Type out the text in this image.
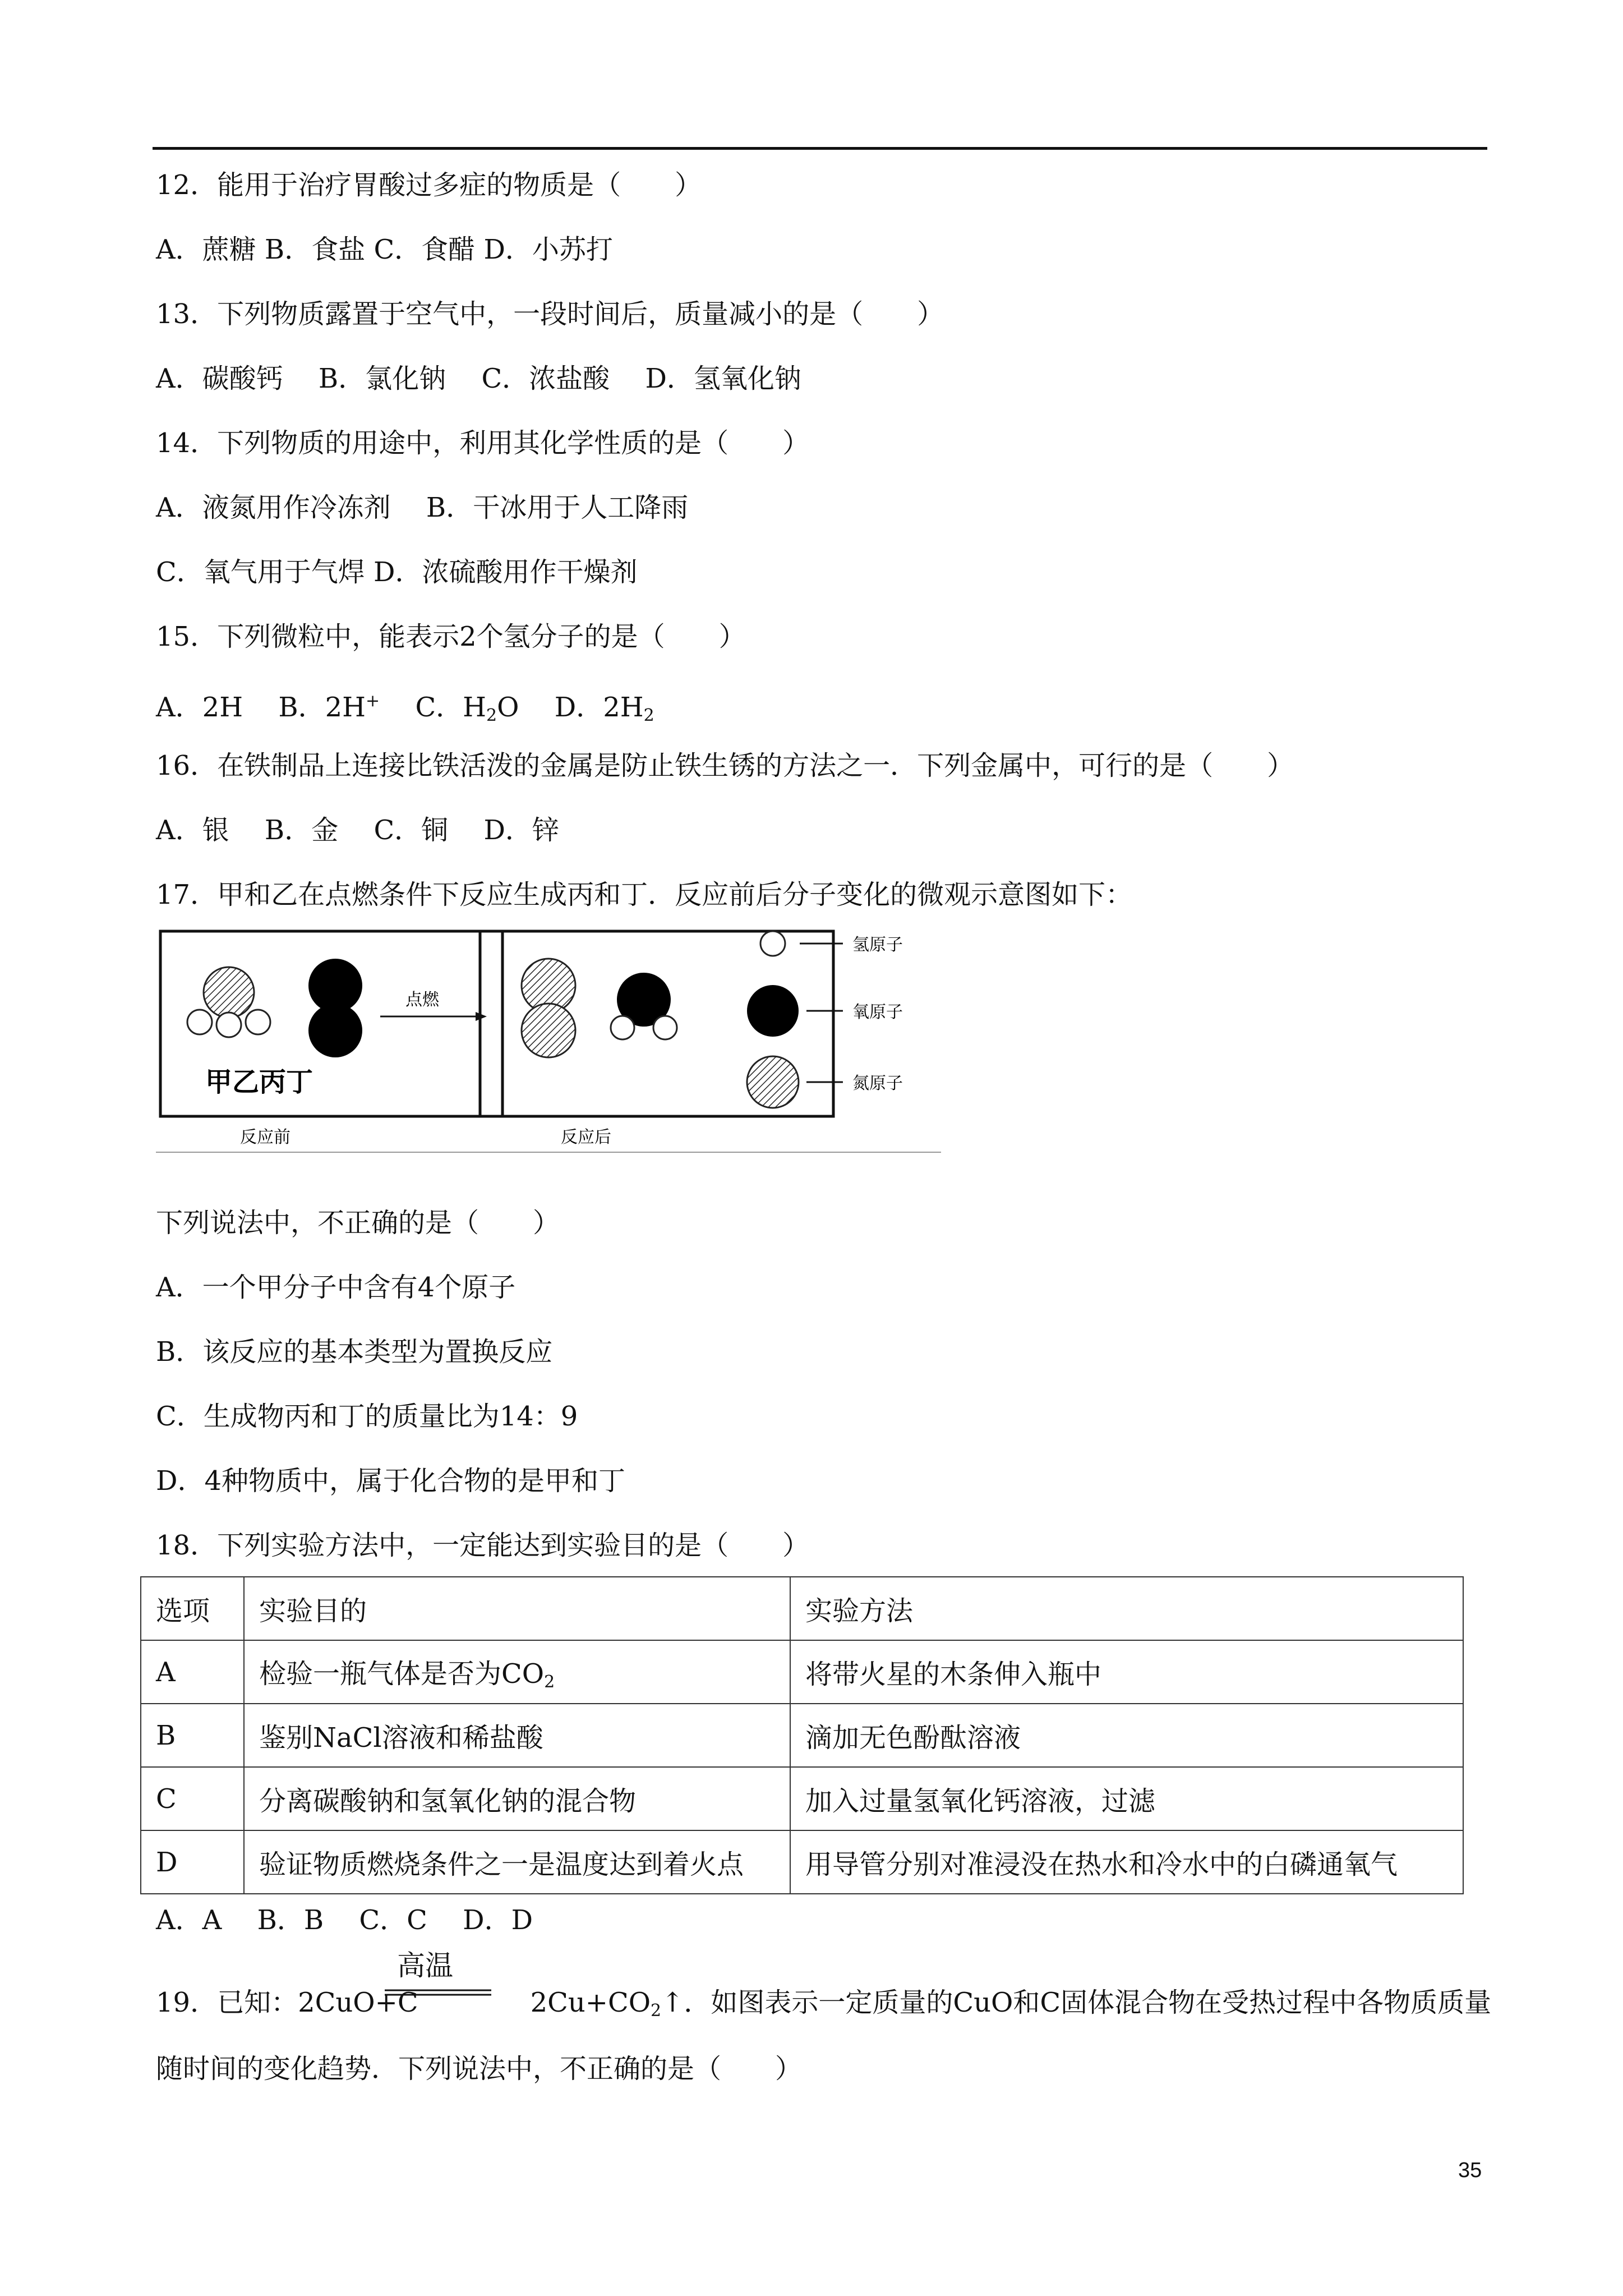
12．能用于治疗胃酸过多症的物质是（　　）
A．蔗糖 B．食盐 C．食醋 D．小苏打
13．下列物质露置于空气中，一段时间后，质量减小的是（　　）
A．碳酸钙　 B．氯化钠　 C．浓盐酸　 D．氢氧化钠
14．下列物质的用途中，利用其化学性质的是（　　）
A．液氮用作冷冻剂　 B．干冰用于人工降雨
C．氧气用于气焊 D．浓硫酸用作干燥剂
15．下列微粒中，能表示2个氢分子的是（　　）
A．2H　 B．2H+　 C．$H_2O$　 D．$2H_2$
16．在铁制品上连接比铁活泼的金属是防止铁生锈的方法之一．下列金属中，可行的是（　　）
A．银　 B．金　 C．铜　 D．锌
17．甲和乙在点燃条件下反应生成丙和丁．反应前后分子变化的微观示意图如下：
甲乙丙丁
点燃
氢原子
氧原子
氮原子
反应前	反应后
下列说法中，不正确的是（　　）
A．一个甲分子中含有4个原子
B．该反应的基本类型为置换反应
C．生成物丙和丁的质量比为14：9
D．4种物质中，属于化合物的是甲和丁
18．下列实验方法中，一定能达到实验目的是（　　）
选项	实验目的	实验方法
A	检验一瓶气体是否为$CO_2$	将带火星的木条伸入瓶中
B	鉴别NaCl溶液和稀盐酸	滴加无色酚酞溶液
C	分离碳酸钠和氢氧化钠的混合物	加入过量氢氧化钙溶液，过滤
D	验证物质燃烧条件之一是温度达到着火点	用导管分别对准浸没在热水和冷水中的白磷通氧气
A．A　 B．B　 C．C　 D．D
19．已知：2CuO+C	$2Cu+CO_2↑$．如图表示一定质量的CuO和C固体混合物在受热过程中各物质质量
高温
随时间的变化趋势．下列说法中，不正确的是（　　）
35
